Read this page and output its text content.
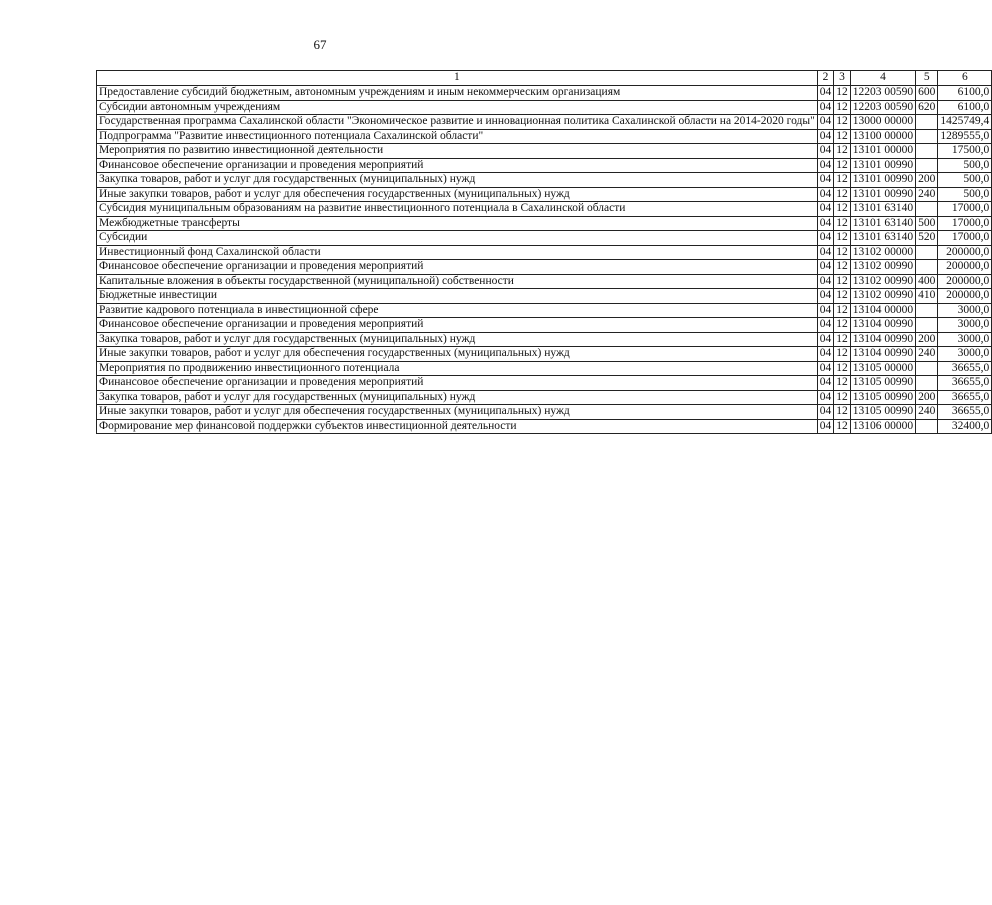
67
1	2	3	4	5	6
Предоставление субсидий бюджетным, автономным учреждениям и иным некоммерческим организациям	04	12	12203 00590	600	6100,0
Субсидии автономным учреждениям	04	12	12203 00590	620	6100,0
Государственная программа Сахалинской области "Экономическое развитие и инновационная политика Сахалинской области на 2014-2020 годы"	04	12	13000 00000		1425749,4
Подпрограмма "Развитие инвестиционного потенциала Сахалинской области"	04	12	13100 00000		1289555,0
Мероприятия по развитию инвестиционной деятельности	04	12	13101 00000		17500,0
Финансовое обеспечение организации и проведения мероприятий	04	12	13101 00990		500,0
Закупка товаров, работ и услуг для государственных (муниципальных) нужд	04	12	13101 00990	200	500,0
Иные закупки товаров, работ и услуг для обеспечения государственных (муниципальных) нужд	04	12	13101 00990	240	500,0
Субсидия муниципальным образованиям на развитие инвестиционного потенциала в Сахалинской области	04	12	13101 63140		17000,0
Межбюджетные трансферты	04	12	13101 63140	500	17000,0
Субсидии	04	12	13101 63140	520	17000,0
Инвестиционный фонд Сахалинской области	04	12	13102 00000		200000,0
Финансовое обеспечение организации и проведения мероприятий	04	12	13102 00990		200000,0
Капитальные вложения в объекты государственной (муниципальной) собственности	04	12	13102 00990	400	200000,0
Бюджетные инвестиции	04	12	13102 00990	410	200000,0
Развитие кадрового потенциала в инвестиционной сфере	04	12	13104 00000		3000,0
Финансовое обеспечение организации и проведения мероприятий	04	12	13104 00990		3000,0
Закупка товаров, работ и услуг для государственных (муниципальных) нужд	04	12	13104 00990	200	3000,0
Иные закупки товаров, работ и услуг для обеспечения государственных (муниципальных) нужд	04	12	13104 00990	240	3000,0
Мероприятия по продвижению инвестиционного потенциала	04	12	13105 00000		36655,0
Финансовое обеспечение организации и проведения мероприятий	04	12	13105 00990		36655,0
Закупка товаров, работ и услуг для государственных (муниципальных) нужд	04	12	13105 00990	200	36655,0
Иные закупки товаров, работ и услуг для обеспечения государственных (муниципальных) нужд	04	12	13105 00990	240	36655,0
Формирование мер финансовой поддержки субъектов инвестиционной деятельности	04	12	13106 00000		32400,0
